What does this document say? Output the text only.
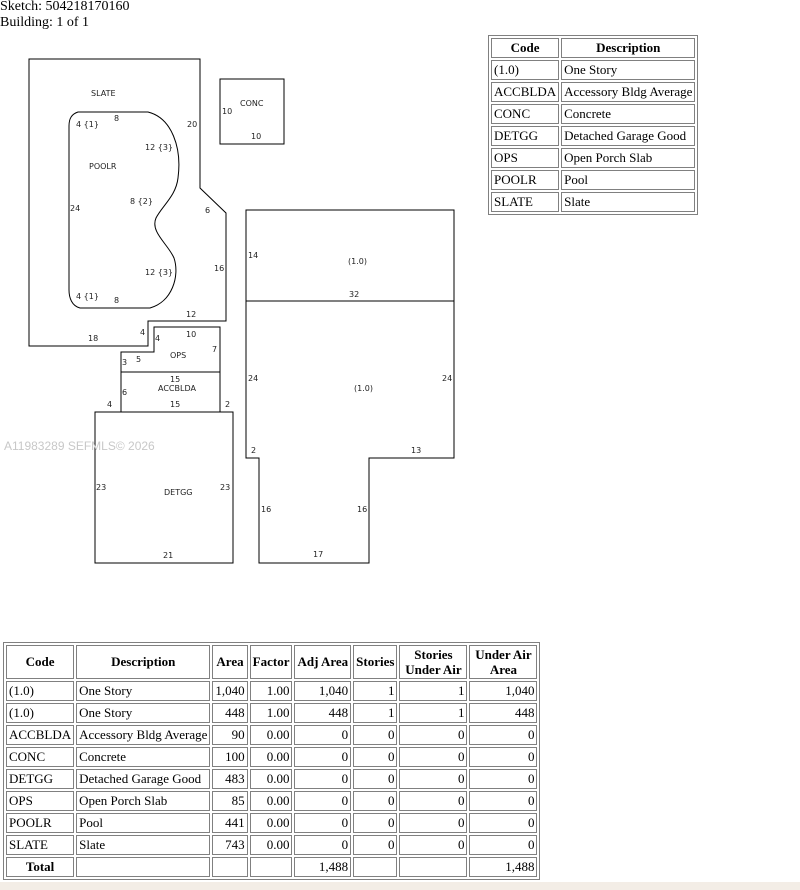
Sketch: 504218170160
Building: 1 of 1
SLATE
CONC
POOLR
OPS
ACCBLDA
DETGG
(1.0)
(1.0)
10
10
20
24	6
16
18
4
12
4 {1}
8
12 {3}
8 {2}
12 {3}
4 {1} 8
4	10
7
3 5
15
6
4	15	2
23	23
21
14
32
24	24
2	13
16	16
17
A11983289 SEFMLS© 2026
Code	Description
(1.0)	One Story
ACCBLDA	Accessory Bldg Average
CONC	Concrete
DETGG	Detached Garage Good
OPS	Open Porch Slab
POOLR	Pool
SLATE	Slate
Code	Description	Area	Factor	Adj Area	Stories	Stories Under Air	Under Air Area
(1.0)	One Story	1,040	1.00	1,040	1	1	1,040
(1.0)	One Story	448	1.00	448	1	1	448
ACCBLDA	Accessory Bldg Average	90	0.00	0	0	0	0
CONC	Concrete	100	0.00	0	0	0	0
DETGG	Detached Garage Good	483	0.00	0	0	0	0
OPS	Open Porch Slab	85	0.00	0	0	0	0
POOLR	Pool	441	0.00	0	0	0	0
SLATE	Slate	743	0.00	0	0	0	0
Total				1,488			1,488
